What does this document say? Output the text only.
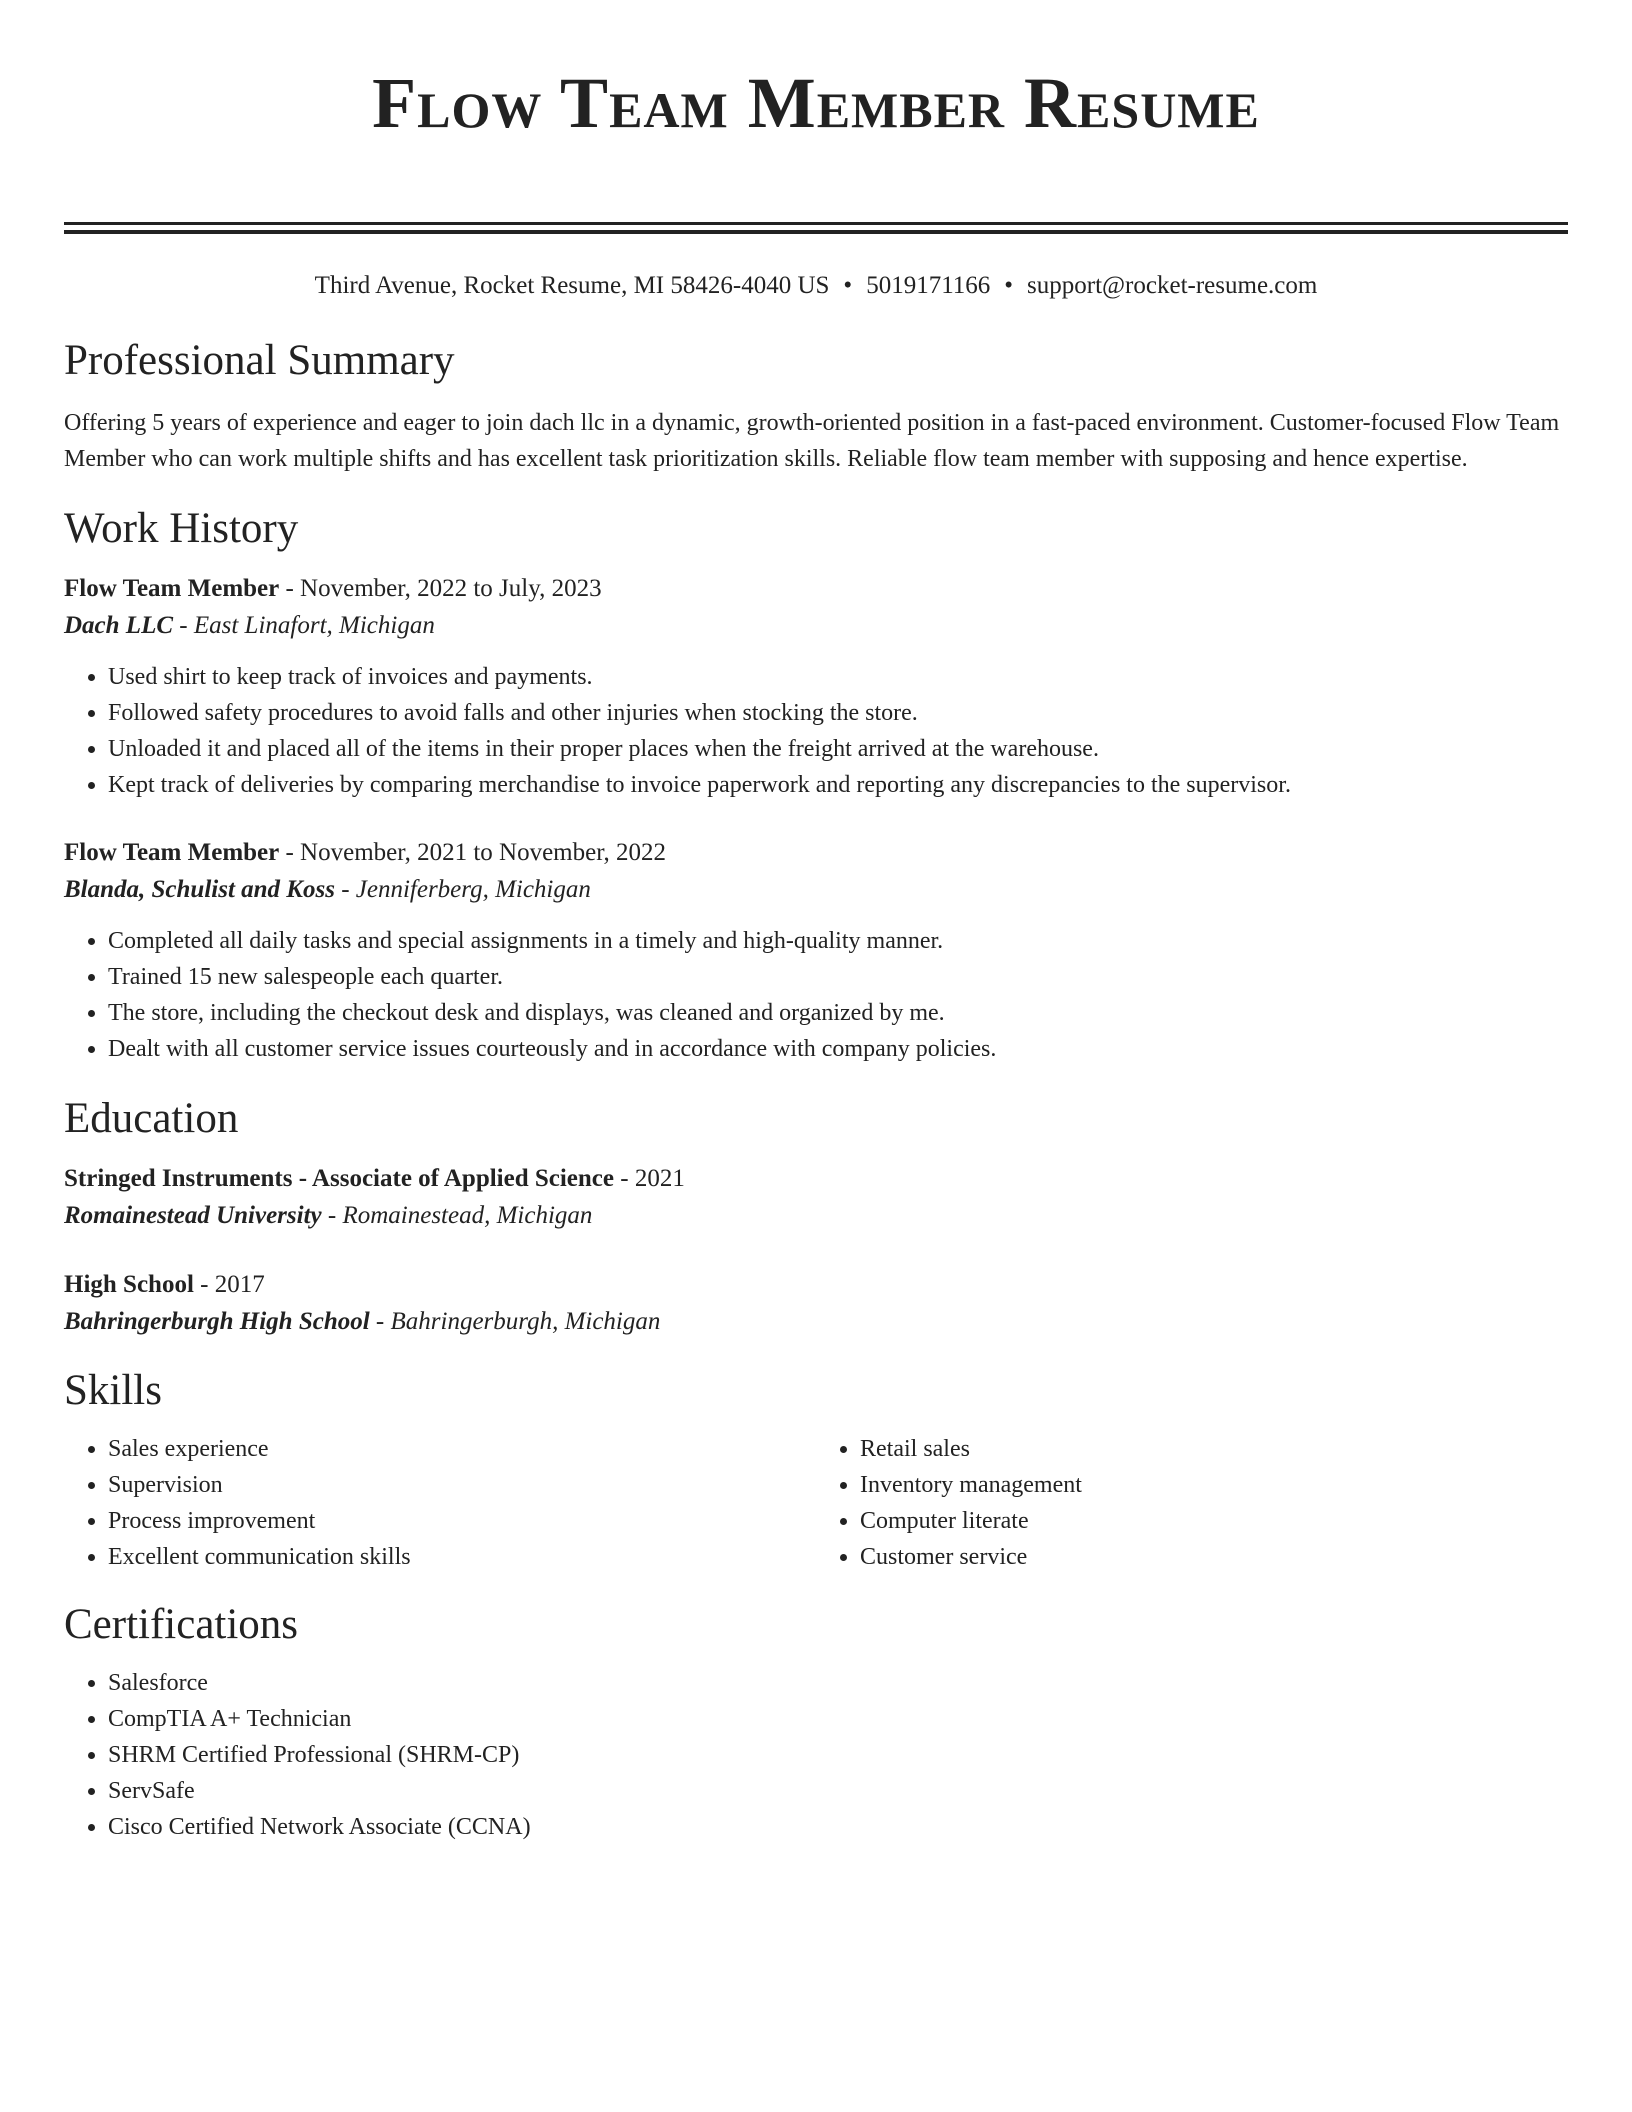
Flow Team Member Resume
Third Avenue, Rocket Resume, MI 58426-4040 US • 5019171166 • support@rocket-resume.com
Professional Summary

Offering 5 years of experience and eager to join dach llc in a dynamic, growth-oriented position in a fast-paced environment. Customer-focused Flow Team Member who can work multiple shifts and has excellent task prioritization skills. Reliable flow team member with supposing and hence expertise.

Work History
Flow Team Member - November, 2022 to July, 2023
Dach LLC - East Linafort, Michigan
• Used shirt to keep track of invoices and payments.
• Followed safety procedures to avoid falls and other injuries when stocking the store.
• Unloaded it and placed all of the items in their proper places when the freight arrived at the warehouse.
• Kept track of deliveries by comparing merchandise to invoice paperwork and reporting any discrepancies to the supervisor.
Flow Team Member - November, 2021 to November, 2022
Blanda, Schulist and Koss - Jenniferberg, Michigan
• Completed all daily tasks and special assignments in a timely and high-quality manner.
• Trained 15 new salespeople each quarter.
• The store, including the checkout desk and displays, was cleaned and organized by me.
• Dealt with all customer service issues courteously and in accordance with company policies.
Education
Stringed Instruments - Associate of Applied Science - 2021
Romainestead University - Romainestead, Michigan
High School - 2017
Bahringerburgh High School - Bahringerburgh, Michigan
Skills
• Sales experience
• Supervision
• Process improvement
• Excellent communication skills
• Retail sales
• Inventory management
• Computer literate
• Customer service
Certifications
• Salesforce
• CompTIA A+ Technician
• SHRM Certified Professional (SHRM-CP)
• ServSafe
• Cisco Certified Network Associate (CCNA)
